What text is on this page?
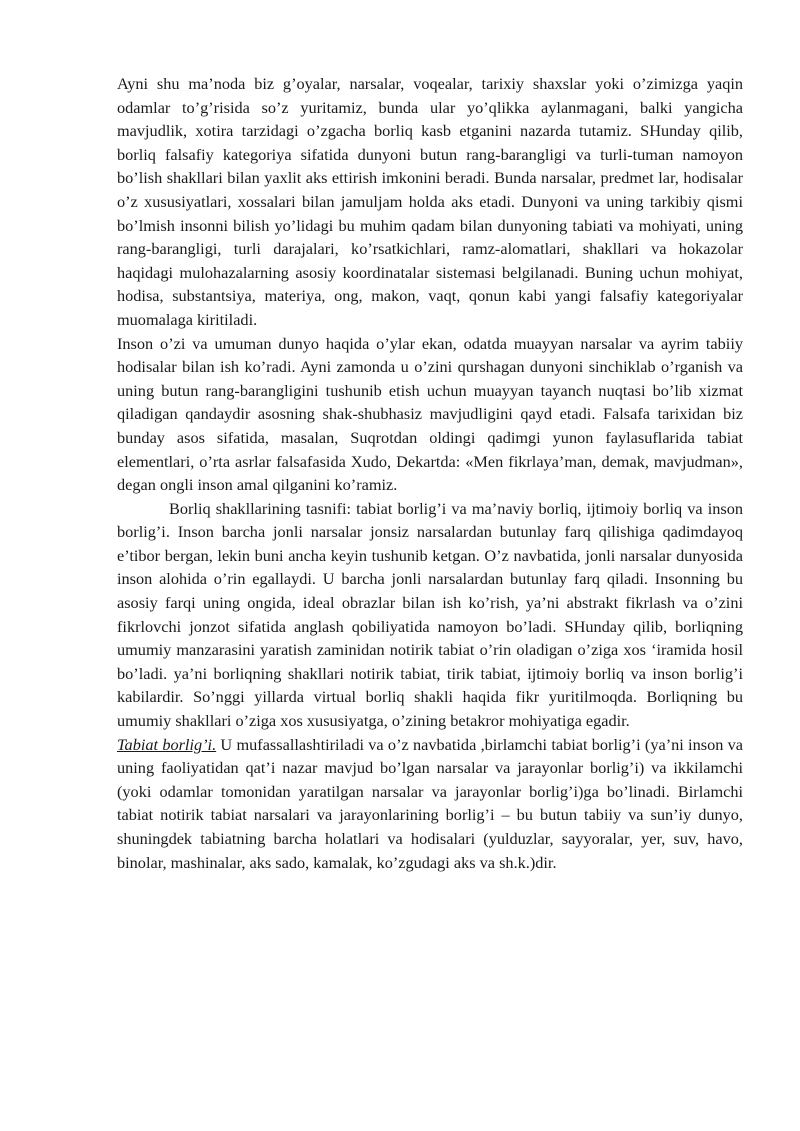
Ayni shu ma’noda biz g’oyalar, narsalar, voqealar, tarixiy shaxslar yoki o’zimizga yaqin odamlar to’g’risida so’z yuritamiz, bunda ular yo’qlikka aylanmagani, balki yangicha mavjudlik, xotira tarzidagi o’zgacha borliq kasb etganini nazarda tutamiz. SHunday qilib, borliq falsafiy kategoriya sifatida dunyoni butun rang-barangligi va turli-tuman namoyon bo’lish shakllari bilan yaxlit aks ettirish imkonini beradi. Bunda narsalar, predmet lar, hodisalar o’z xususiyatlari, xossalari bilan jamuljam holda aks etadi. Dunyoni va uning tarkibiy qismi bo’lmish insonni bilish yo’lidagi bu muhim qadam bilan dunyoning tabiati va mohiyati, uning rang-barangligi, turli darajalari, ko’rsatkichlari, ramz-alomatlari, shakllari va hokazolar haqidagi mulohazalarning asosiy koordinatalar sistemasi belgilanadi. Buning uchun mohiyat, hodisa, substantsiya, materiya, ong, makon, vaqt, qonun kabi yangi falsafiy kategoriyalar muomalaga kiritiladi.

Inson o’zi va umuman dunyo haqida o’ylar ekan, odatda muayyan narsalar va ayrim tabiiy hodisalar bilan ish ko’radi. Ayni zamonda u o’zini qurshagan dunyoni sinchiklab o’rganish va uning butun rang-barangligini tushunib etish uchun muayyan tayanch nuqtasi bo’lib xizmat qiladigan qandaydir asosning shak-shubhasiz mavjudligini qayd etadi. Falsafa tarixidan biz bunday asos sifatida, masalan, Suqrotdan oldingi qadimgi yunon faylasuflarida tabiat elementlari, o’rta asrlar falsafasida Xudo, Dekartda: «Men fikrlaya’man, demak, mavjudman», degan ongli inson amal qilganini ko’ramiz.

Borliq shakllarining tasnifi: tabiat borlig’i va ma’naviy borliq, ijtimoiy borliq va inson borlig’i. Inson barcha jonli narsalar jonsiz narsalardan butunlay farq qilishiga qadimdayoq e’tibor bergan, lekin buni ancha keyin tushunib ketgan. O’z navbatida, jonli narsalar dunyosida inson alohida o’rin egallaydi. U barcha jonli narsalardan butunlay farq qiladi. Insonning bu asosiy farqi uning ongida, ideal obrazlar bilan ish ko’rish, ya’ni abstrakt fikrlash va o’zini fikrlovchi jonzot sifatida anglash qobiliyatida namoyon bo’ladi. SHunday qilib, borliqning umumiy manzarasini yaratish zaminidan notirik tabiat o’rin oladigan o’ziga xos ‘iramida hosil bo’ladi. ya’ni borliqning shakllari notirik tabiat, tirik tabiat, ijtimoiy borliq va inson borlig’i kabilardir. So’nggi yillarda virtual borliq shakli haqida fikr yuritilmoqda. Borliqning bu umumiy shakllari o’ziga xos xususiyatga, o’zining betakror mohiyatiga egadir.

Tabiat borlig’i. U mufassallashtiriladi va o’z navbatida ,birlamchi tabiat borlig’i (ya’ni inson va uning faoliyatidan qat’i nazar mavjud bo’lgan narsalar va jarayonlar borlig’i) va ikkilamchi (yoki odamlar tomonidan yaratilgan narsalar va jarayonlar borlig’i)ga bo’linadi. Birlamchi tabiat notirik tabiat narsalari va jarayonlarining borlig’i – bu butun tabiiy va sun’iy dunyo, shuningdek tabiatning barcha holatlari va hodisalari (yulduzlar, sayyoralar, yer, suv, havo, binolar, mashinalar, aks sado, kamalak, ko’zgudagi aks va sh.k.)dir.
